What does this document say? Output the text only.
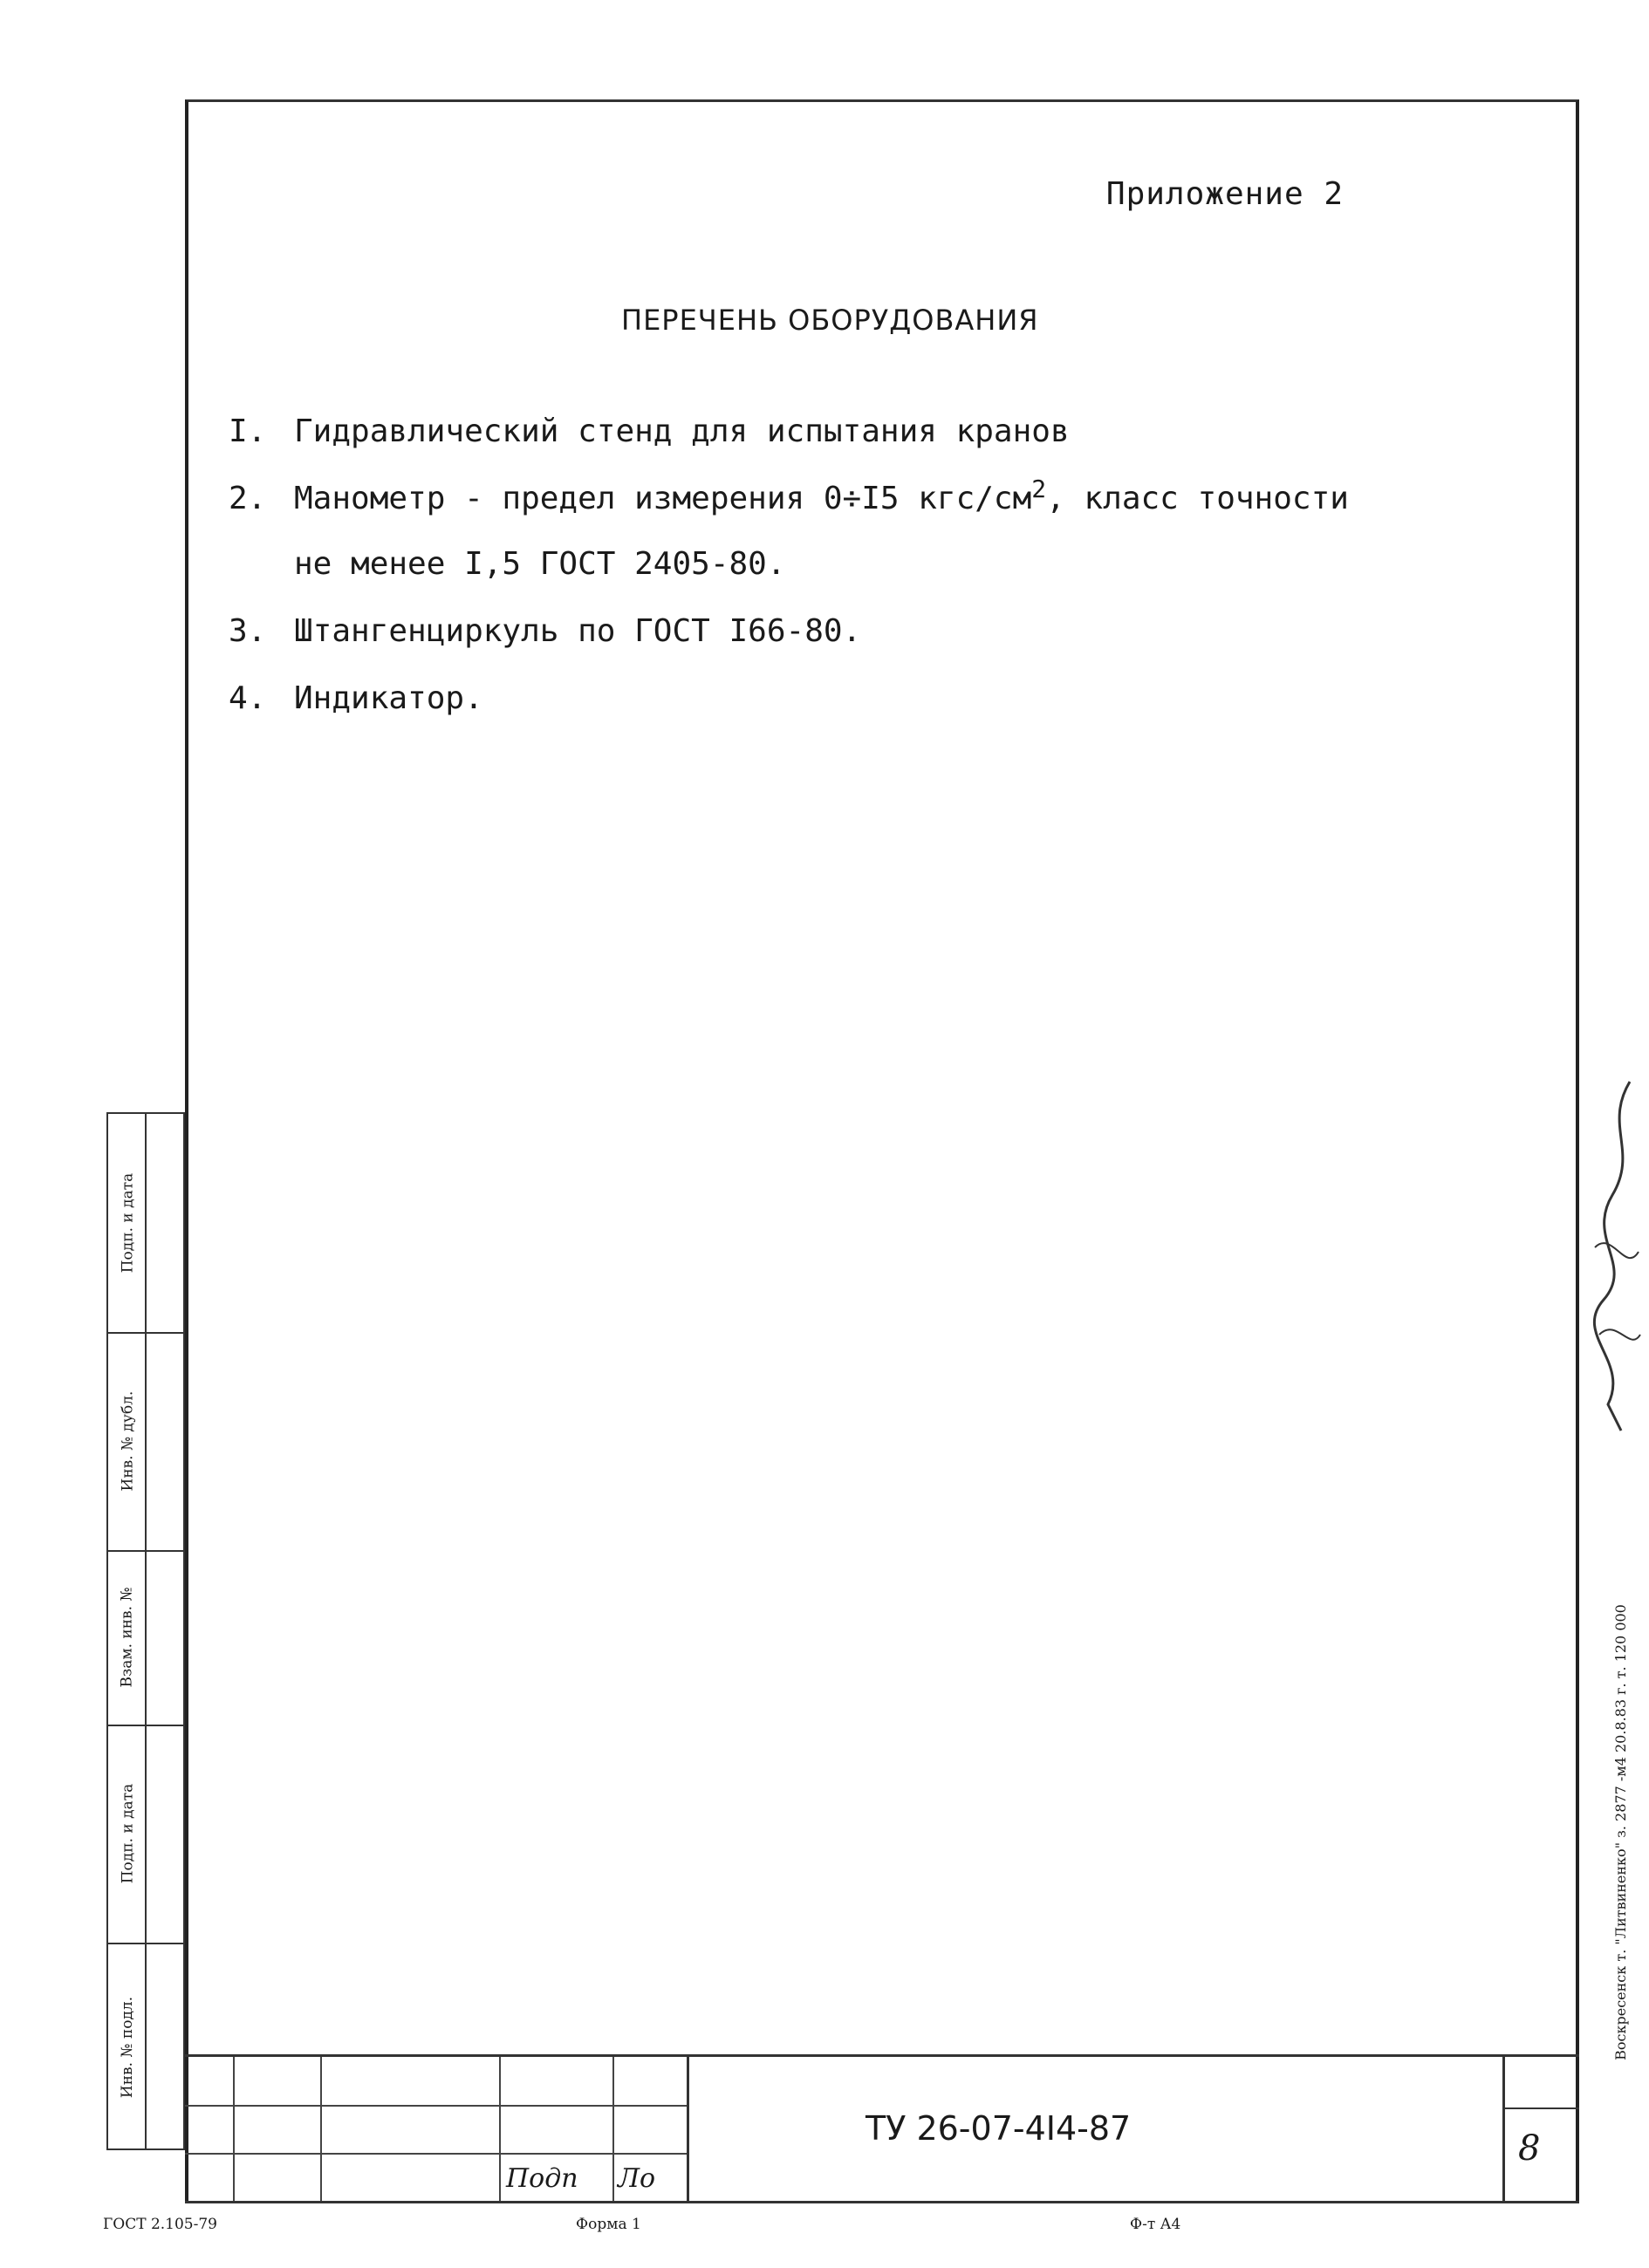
Приложение 2
ПЕРЕЧЕНЬ ОБОРУДОВАНИЯ
I. Гидравлический стенд для испытания кранов
2. Манометр - предел измерения 0÷I5 кгс/$см^2$, класс точности
не менее I,5 ГОСТ 2405-80.
3. Штангенциркуль по ГОСТ I66-80.
4. Индикатор.
Подп. и дата
Инв. № дубл.
Взам. инв. №
Подп. и дата
Инв. № подл.
Подп Ло
ТУ 26-07-4I4-87	8
ГОСТ 2.105-79	Форма 1	Ф-т А4
Воскресенск т. "Литвиненко" з. 2877 -м4 20.8.83 г. т. 120 000
